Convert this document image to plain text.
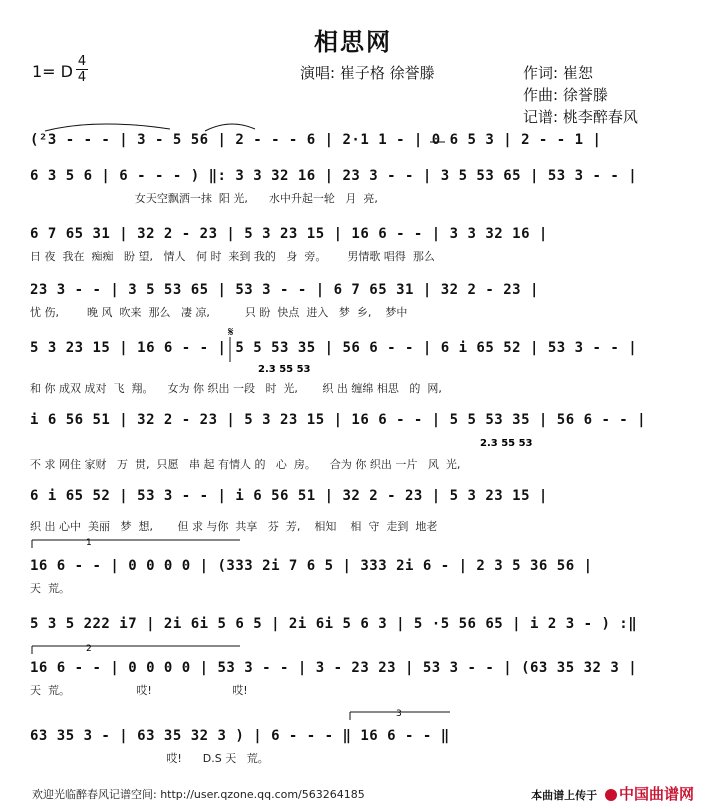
相思网
1= D
4
4	演唱: 崔子格 徐誉滕	作词: 崔恕
作曲: 徐誉滕
记谱: 桃李醉春风
(²3 - - - | 3 - 5 56 | 2 - - - 6 | 2·1 1 - | 0 6 5 3 | 2 - - 1 |
6 3 5 6 | 6 - - - ) ‖: 3 3 32 16 | 23 3 - - | 3 5 53 65 | 53 3 - - |
女天空飘洒一抹  阳 光,      水中升起一轮   月  亮,
6 7 65 31 | 32 2 - 23 | 5 3 23 15 | 16 6 - - | 3 3 32 16 |
日 夜  我在  痴痴   盼 望,   情人   何 时  来到 我的   身  旁。      男情歌 唱得  那么
23 3 - - | 3 5 53 65 | 53 3 - - | 6 7 65 31 | 32 2 - 23 |
忧 伤,        晚 风  吹来  那么   凄 凉,          只 盼  快点  进入   梦  乡,    梦中
5 3 23 15 | 16 6 - - | 5 5 53 35 | 56 6 - - | 6 i 65 52 | 53 3 - - |
和 你 成双 成对  飞  翔。    女为 你 织出 一段   时  光,       织 出 缠绵 相思   的  网,
i 6 56 51 | 32 2 - 23 | 5 3 23 15 | 16 6 - - | 5 5 53 35 | 56 6 - - |
不 求 网住 家财   万  贯,  只愿   串 起 有情人 的   心  房。    合为 你 织出 一片   风  光,
6 i 65 52 | 53 3 - - | i 6 56 51 | 32 2 - 23 | 5 3 23 15 |
织 出 心中  美丽   梦  想,       但 求 与你  共享   芬  芳,    相知    相  守  走到  地老
16 6 - - | 0 0 0 0 | (333 2i 7 6 5 | 333 2i 6 - | 2 3 5 36 56 |
天  荒。
5 3 5 222 i7 | 2i 6i 5 6 5 | 2i 6i 5 6 3 | 5 ·5 56 65 | i 2 3 - ) :‖
16 6 - - | 0 0 0 0 | 53 3 - - | 3 - 23 23 | 53 3 - - | (63 35 32 3 |
天  荒。                   哎!                       哎!
63 35 3 - | 63 35 32 3 ) | 6 - - - ‖ 16 6 - - ‖
哎!      D.S 天   荒。
1
2
3
𝄋
2.3 55 53
2.3 55 53
欢迎光临醉春风记谱空间: http://user.qzone.qq.com/563264185	本曲谱上传于 中国曲谱网
